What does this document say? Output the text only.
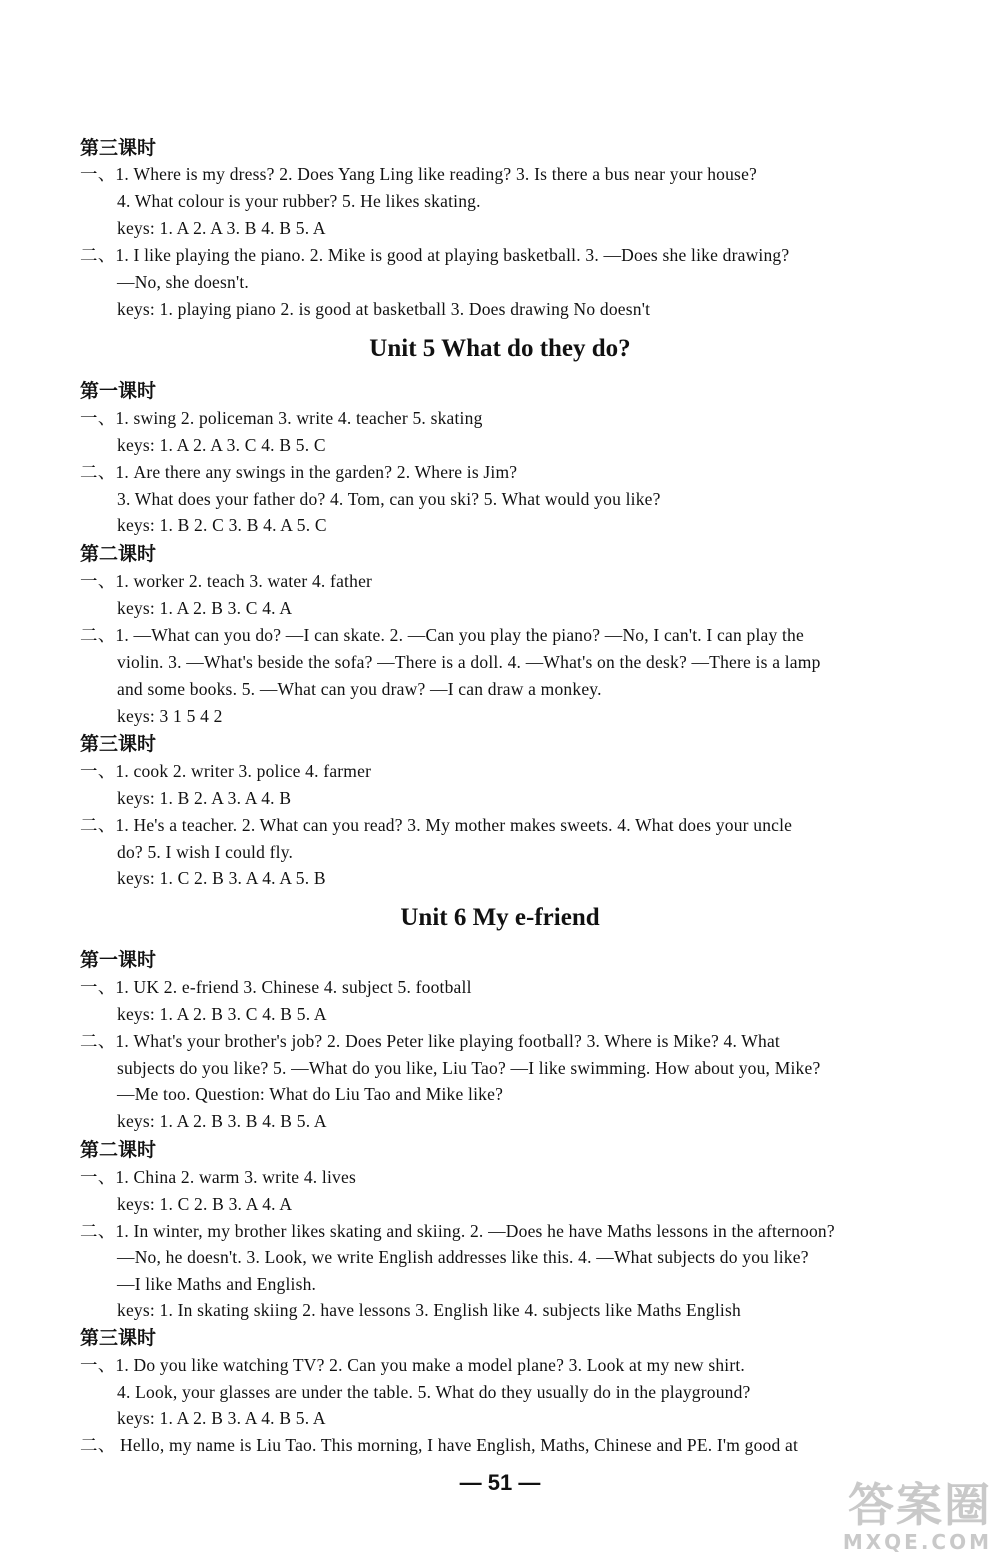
第三课时
一、1. Where is my dress? 2. Does Yang Ling like reading? 3. Is there a bus near your house?
4. What colour is your rubber? 5. He likes skating.
keys: 1. A 2. A 3. B 4. B 5. A
二、1. I like playing the piano. 2. Mike is good at playing basketball. 3. —Does she like drawing?
—No, she doesn't.
keys: 1. playing piano 2. is good at basketball 3. Does drawing No doesn't
Unit 5 What do they do?
第一课时
一、1. swing 2. policeman 3. write 4. teacher 5. skating
keys: 1. A 2. A 3. C 4. B 5. C
二、1. Are there any swings in the garden? 2. Where is Jim?
3. What does your father do? 4. Tom, can you ski? 5. What would you like?
keys: 1. B 2. C 3. B 4. A 5. C
第二课时
一、1. worker 2. teach 3. water 4. father
keys: 1. A 2. B 3. C 4. A
二、1. —What can you do? —I can skate. 2. —Can you play the piano? —No, I can't. I can play the
violin. 3. —What's beside the sofa? —There is a doll. 4. —What's on the desk? —There is a lamp
and some books. 5. —What can you draw? —I can draw a monkey.
keys: 3 1 5 4 2
第三课时
一、1. cook 2. writer 3. police 4. farmer
keys: 1. B 2. A 3. A 4. B
二、1. He's a teacher. 2. What can you read? 3. My mother makes sweets. 4. What does your uncle
do? 5. I wish I could fly.
keys: 1. C 2. B 3. A 4. A 5. B
Unit 6 My e-friend
第一课时
一、1. UK 2. e-friend 3. Chinese 4. subject 5. football
keys: 1. A 2. B 3. C 4. B 5. A
二、1. What's your brother's job? 2. Does Peter like playing football? 3. Where is Mike? 4. What
subjects do you like? 5. —What do you like, Liu Tao? —I like swimming. How about you, Mike?
—Me too. Question: What do Liu Tao and Mike like?
keys: 1. A 2. B 3. B 4. B 5. A
第二课时
一、1. China 2. warm 3. write 4. lives
keys: 1. C 2. B 3. A 4. A
二、1. In winter, my brother likes skating and skiing. 2. —Does he have Maths lessons in the afternoon?
—No, he doesn't. 3. Look, we write English addresses like this. 4. —What subjects do you like?
—I like Maths and English.
keys: 1. In skating skiing 2. have lessons 3. English like 4. subjects like Maths English
第三课时
一、1. Do you like watching TV? 2. Can you make a model plane? 3. Look at my new shirt.
4. Look, your glasses are under the table. 5. What do they usually do in the playground?
keys: 1. A 2. B 3. A 4. B 5. A
二、 Hello, my name is Liu Tao. This morning, I have English, Maths, Chinese and PE. I'm good at
— 51 —	答案圈
MXQE.COM
